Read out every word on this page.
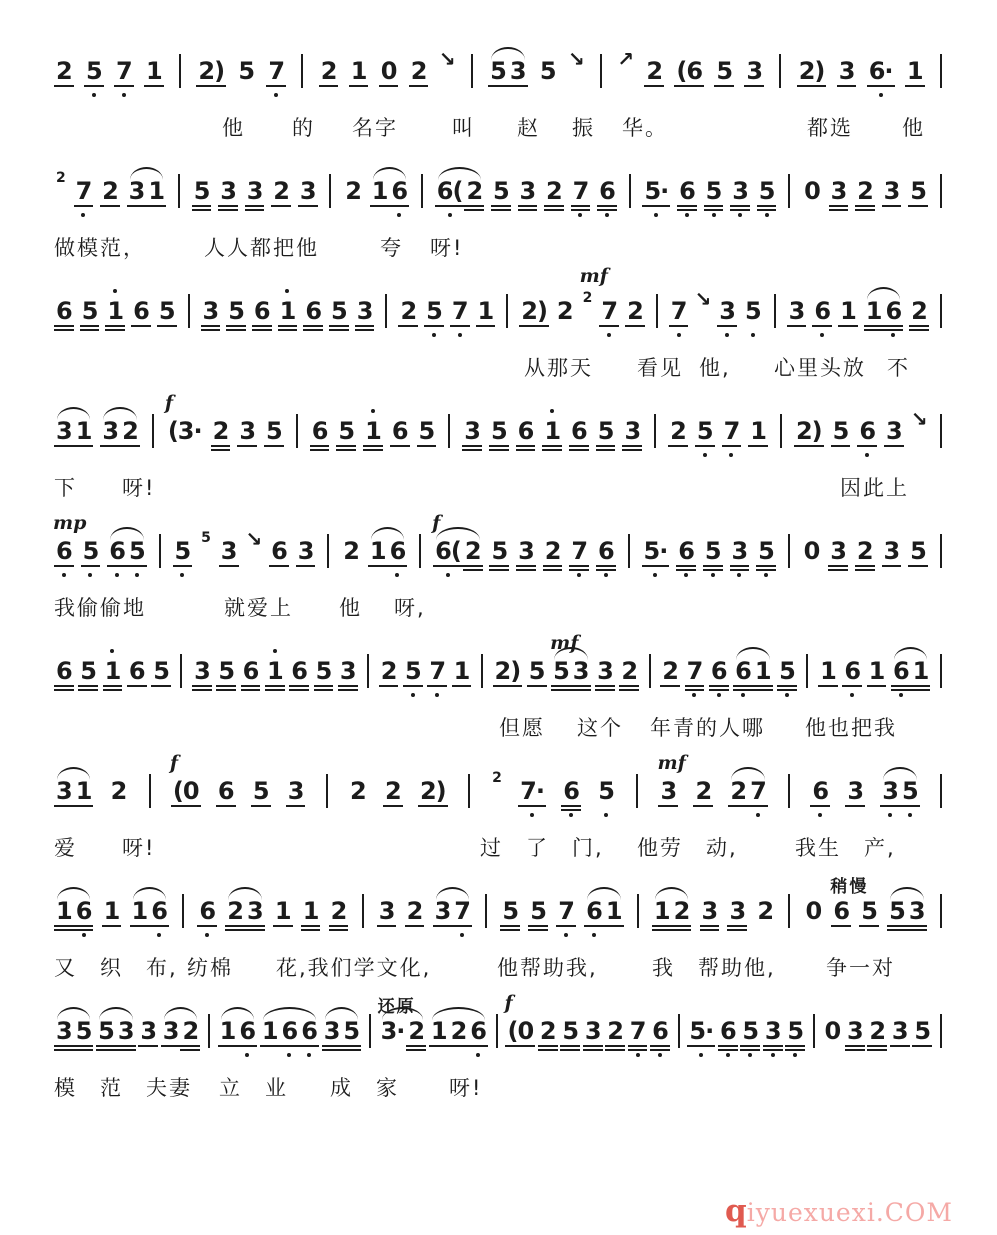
2 5 7 1 2) 5 7 2 1 0 2 ↘ 5 3 5 ↘ ↗ 2 (6 5 3 2) 3 6· 1
他 的 名字	叫 赵 振 华。	都选 他
2 7 2 3 1 5 3 3 2 3 2 1 6 6( 2 5 3 2 7 6 5· 6 5 3 5 0 3 2 3 5
做模范，	人人都把他	夸 呀!
6 5 1 6 5 3 5 6 1 6 5 3 2 5 7 1 2) 2
mf
2 7 2 7 ↘ 3 5 3 6 1 1 6 2
从那天 看见 他, 心里头放 不
3 1 3 2
f
(3· 2 3 5 6 5 1 6 5 3 5 6 1 6 5 3 2 5 7 1 2) 5 6 3 ↘
下 呀!	因此上
mp
6 5 6 5 5 5 3 ↘ 6 3 2 1 6
f
6( 2 5 3 2 7 6 5· 6 5 3 5 0 3 2 3 5
我偷偷地	就爱上 他 呀,
6 5 1 6 5 3 5 6 1 6 5 3 2 5 7 1 2) 5
mf
5 3 3 2 2 7 6 6 1 5 1 6 1 6 1
但愿 这个 年青的人哪 他也把我
3 1 2
f
(0 6 5 3 2 2 2)	2 7· 6 5
mf
3 2 2 7 6 3 3 5
爱 呀!	过　了　门, 他劳　动,	我生　产,
1 6 1 1 6 6 2 3 1 1 2 3 2 3 7 5 5 7 6 1 1 2 3 3 2 0
稍慢
6 5 5 3
又　织　布, 纺棉 花,我们学文化,	他帮助我,	我　帮助他, 争一对
3 5 5 3 3 3 2 1 6 1 6 6 3 5
还原
3· 2 1 2 6
f
(0 2 5 3 2 7 6 5· 6 5 3 5 0 3 2 3 5
模　范　夫妻 立　业 成　家 呀!
q iyuexuexi.COM
